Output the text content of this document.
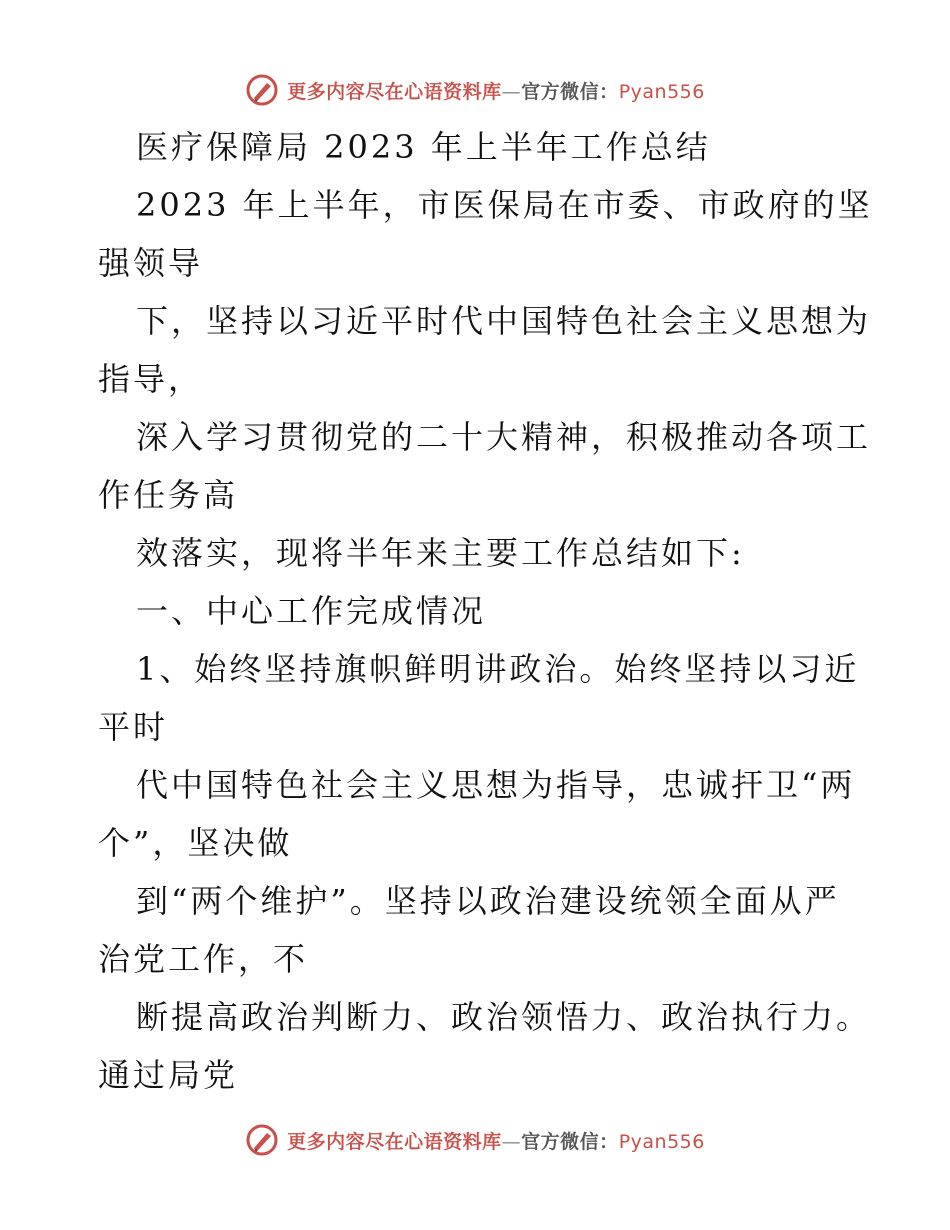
更多内容尽在心语资料库—官方微信：Pyan556
医疗保障局 2023 年上半年工作总结
2023 年上半年，市医保局在市委、市政府的坚
强领导
下，坚持以习近平时代中国特色社会主义思想为
指导，
深入学习贯彻党的二十大精神，积极推动各项工
作任务高
效落实，现将半年来主要工作总结如下:
一、中心工作完成情况
1、始终坚持旗帜鲜明讲政治。始终坚持以习近
平时
代中国特色社会主义思想为指导，忠诚扞卫“两
个”，坚决做
到“两个维护”。坚持以政治建设统领全面从严
治党工作，不
断提高政治判断力、政治领悟力、政治执行力。
通过局党
更多内容尽在心语资料库—官方微信：Pyan556
